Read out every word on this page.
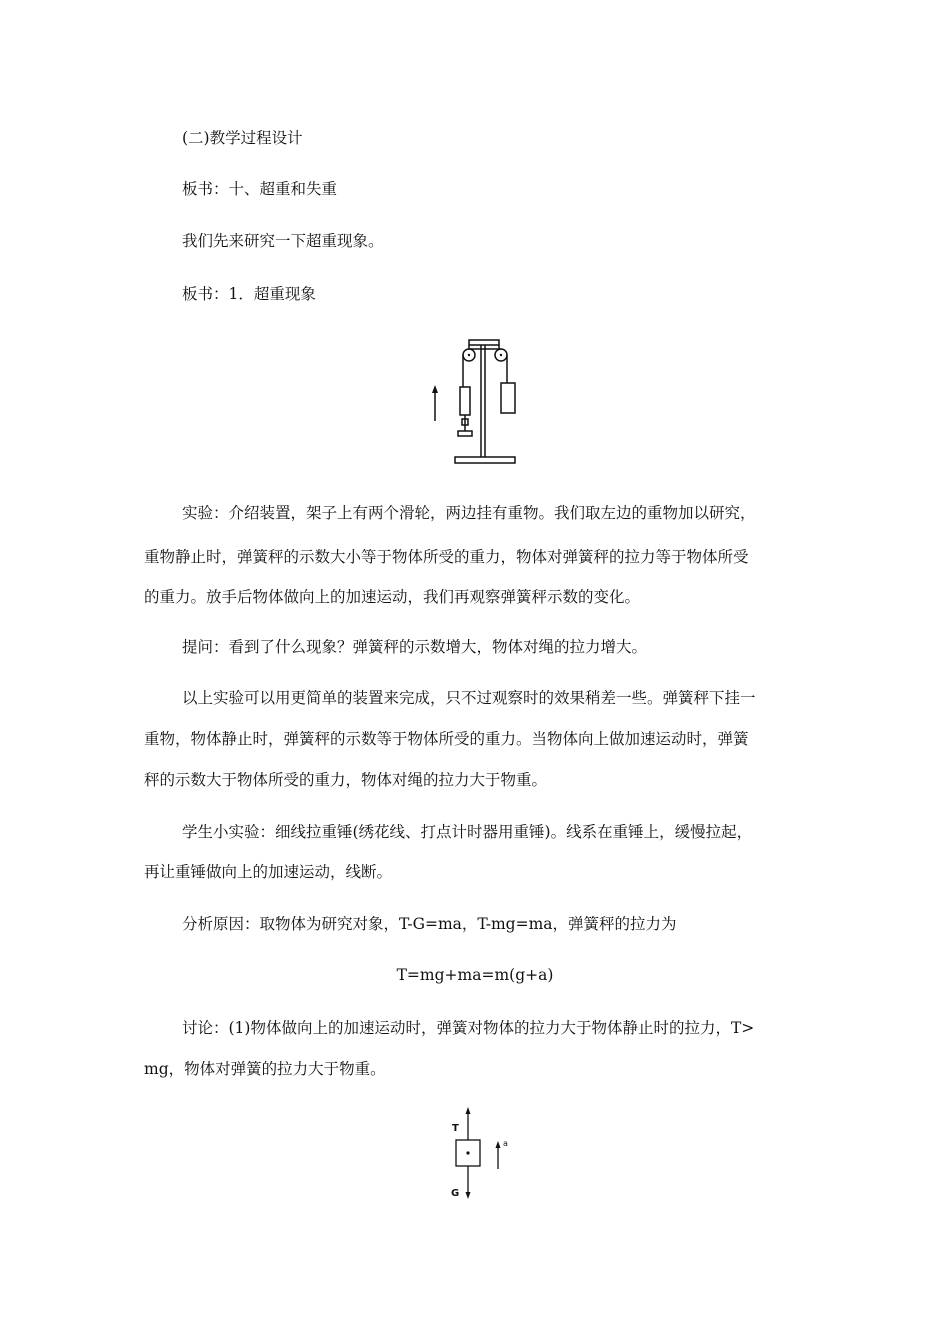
(二)教学过程设计
板书：十、超重和失重
我们先来研究一下超重现象。
板书：1．超重现象
实验：介绍装置，架子上有两个滑轮，两边挂有重物。我们取左边的重物加以研究，
重物静止时，弹簧秤的示数大小等于物体所受的重力，物体对弹簧秤的拉力等于物体所受
的重力。放手后物体做向上的加速运动，我们再观察弹簧秤示数的变化。
提问：看到了什么现象？弹簧秤的示数增大，物体对绳的拉力增大。
以上实验可以用更简单的装置来完成，只不过观察时的效果稍差一些。弹簧秤下挂一
重物，物体静止时，弹簧秤的示数等于物体所受的重力。当物体向上做加速运动时，弹簧
秤的示数大于物体所受的重力，物体对绳的拉力大于物重。
学生小实验：细线拉重锤(绣花线、打点计时器用重锤)。线系在重锤上，缓慢拉起，
再让重锤做向上的加速运动，线断。
分析原因：取物体为研究对象，T-G=ma，T-mg=ma，弹簧秤的拉力为
T=mg+ma=m(g+a)
讨论：(1)物体做向上的加速运动时，弹簧对物体的拉力大于物体静止时的拉力，T>
mg，物体对弹簧的拉力大于物重。
T
G
a
